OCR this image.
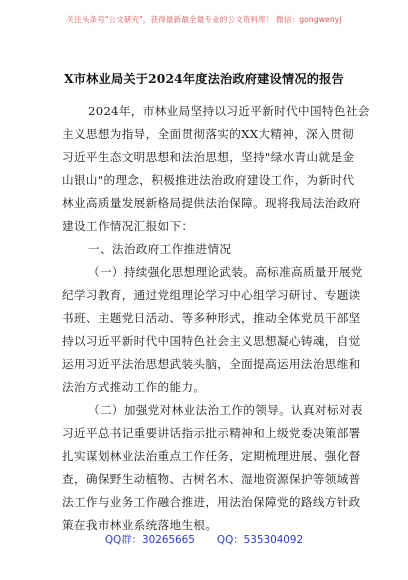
关注头条号"公文研究"，获得最新最全最专业的公文资料库！ 微信：gongwenyj
X市林业局关于2024年度法治政府建设情况的报告
2024年，市林业局坚持以习近平新时代中国特色社会
主义思想为指导，全面贯彻落实的XX大精神，深入贯彻
习近平生态文明思想和法治思想，坚持"绿水青山就是金
山银山"的理念，积极推进法治政府建设工作，为新时代
林业高质量发展新格局提供法治保障。现将我局法治政府
建设工作情况汇报如下：
一、法治政府工作推进情况
（一）持续强化思想理论武装。高标准高质量开展党
纪学习教育，通过党组理论学习中心组学习研讨、专题读
书班、主题党日活动、等多种形式，推动全体党员干部坚
持以习近平新时代中国特色社会主义思想凝心铸魂，自觉
运用习近平法治思想武装头脑，全面提高运用法治思维和
法治方式推动工作的能力。
（二）加强党对林业法治工作的领导。认真对标对表
习近平总书记重要讲话指示批示精神和上级党委决策部署
扎实谋划林业法治重点工作任务，定期梳理进展、强化督
查，确保野生动植物、古树名木、湿地资源保护等领域普
法工作与业务工作融合推进，用法治保障党的路线方针政
策在我市林业系统落地生根。
QQ群：30265665 QQ：535304092
